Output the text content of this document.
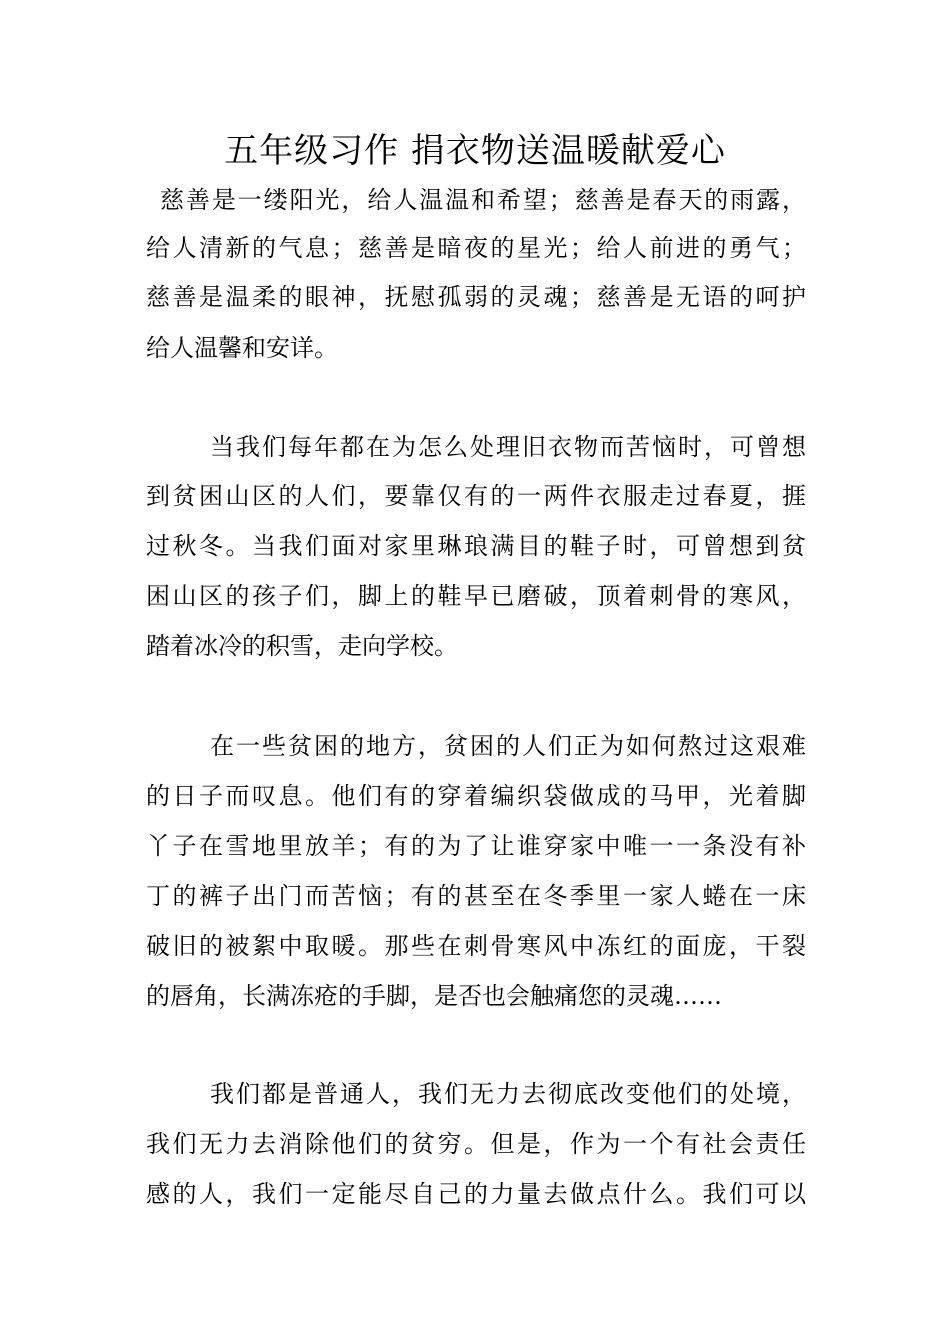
五年级习作 捐衣物送温暖献爱心
慈善是一缕阳光，给人温温和希望；慈善是春天的雨露，
给人清新的气息；慈善是暗夜的星光；给人前进的勇气；
慈善是温柔的眼神，抚慰孤弱的灵魂；慈善是无语的呵护
给人温馨和安详。
当我们每年都在为怎么处理旧衣物而苦恼时，可曾想
到贫困山区的人们，要靠仅有的一两件衣服走过春夏，捱
过秋冬。当我们面对家里琳琅满目的鞋子时，可曾想到贫
困山区的孩子们，脚上的鞋早已磨破，顶着刺骨的寒风，
踏着冰冷的积雪，走向学校。
在一些贫困的地方，贫困的人们正为如何熬过这艰难
的日子而叹息。他们有的穿着编织袋做成的马甲，光着脚
丫子在雪地里放羊；有的为了让谁穿家中唯一一条没有补
丁的裤子出门而苦恼；有的甚至在冬季里一家人蜷在一床
破旧的被絮中取暖。那些在刺骨寒风中冻红的面庞，干裂
的唇角，长满冻疮的手脚，是否也会触痛您的灵魂……
我们都是普通人，我们无力去彻底改变他们的处境，
我们无力去消除他们的贫穷。但是，作为一个有社会责任
感的人，我们一定能尽自己的力量去做点什么。我们可以
